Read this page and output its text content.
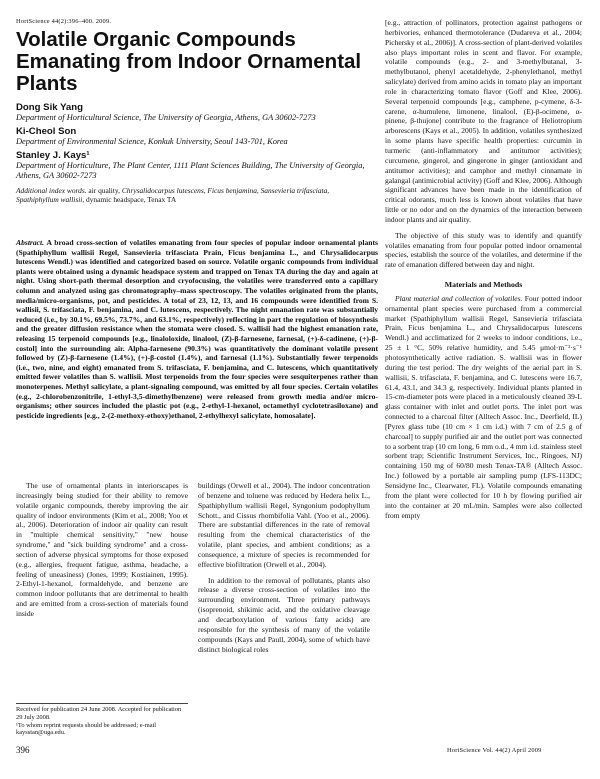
HortScience 44(2):396–400. 2009.
Volatile Organic Compounds Emanating from Indoor Ornamental Plants
Dong Sik Yang
Department of Horticultural Science, The University of Georgia, Athens, GA 30602-7273
Ki-Cheol Son
Department of Environmental Science, Konkuk University, Seoul 143-701, Korea
Stanley J. Kays¹
Department of Horticulture, The Plant Center, 1111 Plant Sciences Building, The University of Georgia, Athens, GA 30602-7273
Additional index words. air quality, Chrysalidocarpus lutescens, Ficus benjamina, Sansevieria trifasciata, Spathiphyllum wallisii, dynamic headspace, Tenax TA
Abstract. A broad cross-section of volatiles emanating from four species of popular indoor ornamental plants (Spathiphyllum wallisii Regel, Sansevieria trifasciata Prain, Ficus benjamina L., and Chrysalidocarpus lutescens Wendl.) was identified and categorized based on source. Volatile organic compounds from individual plants were obtained using a dynamic headspace system and trapped on Tenax TA during the day and again at night. Using short-path thermal desorption and cryofocusing, the volatiles were transferred onto a capillary column and analyzed using gas chromatography–mass spectroscopy. The volatiles originated from the plants, media/micro-organisms, pot, and pesticides. A total of 23, 12, 13, and 16 compounds were identified from S. wallisii, S. trifasciata, F. benjamina, and C. lutescens, respectively. The night emanation rate was substantially reduced (i.e., by 30.1%, 69.5%, 73.7%, and 63.1%, respectively) reflecting in part the regulation of biosynthesis and the greater diffusion resistance when the stomata were closed. S. wallisii had the highest emanation rate, releasing 15 terpenoid compounds [e.g., linaloloxide, linalool, (Z)-β-farnesene, farnesal, (+)-δ-cadinene, (+)-β-costol] into the surrounding air. Alpha-farnesene (90.3%) was quantitatively the dominant volatile present followed by (Z)-β-farnesene (1.4%), (+)-β-costol (1.4%), and farnesal (1.1%). Substantially fewer terpenoids (i.e., two, nine, and eight) emanated from S. trifasciata, F. benjamina, and C. lutescens, which quantitatively emitted fewer volatiles than S. wallisii. Most terpenoids from the four species were sesquiterpenes rather than monoterpenes. Methyl salicylate, a plant-signaling compound, was emitted by all four species. Certain volatiles (e.g., 2-chlorobenzonitrile, 1-ethyl-3,5-dimethylbenzene) were released from growth media and/or micro-organisms; other sources included the plastic pot (e.g., 2-ethyl-1-hexanol, octamethyl cyclotetrasiloxane) and pesticide ingredients [e.g., 2-(2-methoxy-ethoxy)ethanol, 2-ethylhexyl salicylate, homosalate].

The use of ornamental plants in interiorscapes is increasingly being studied for their ability to remove volatile organic compounds, thereby improving the air quality of indoor environments (Kim et al., 2008; Yoo et al., 2006). Deterioration of indoor air quality can result in "multiple chemical sensitivity," "new house syndrome," and "sick building syndrome" and a cross-section of adverse physical symptoms for those exposed (e.g., allergies, frequent fatigue, asthma, headache, a feeling of uneasiness) (Jones, 1999; Kostiainen, 1995). 2-Ethyl-1-hexanol, formaldehyde, and benzene are common indoor pollutants that are detrimental to health and are emitted from a cross-section of materials found inside

Received for publication 24 June 2008. Accepted for publication 29 July 2008.
¹To whom reprint requests should be addressed; e-mail kaysstan@uga.edu.

buildings (Orwell et al., 2004). The indoor concentration of benzene and toluene was reduced by Hedera helix L., Spathiphyllum wallisii Regel, Syngonium podophyllum Schott., and Cissus rhombifolia Vahl. (Yoo et al., 2006). There are substantial differences in the rate of removal resulting from the chemical characteristics of the volatile, plant species, and ambient conditions; as a consequence, a mixture of species is recommended for effective biofiltration (Orwell et al., 2004).

In addition to the removal of pollutants, plants also release a diverse cross-section of volatiles into the surrounding environment. Three primary pathways (isoprenoid, shikimic acid, and the oxidative cleavage and decarboxylation of various fatty acids) are responsible for the synthesis of many of the volatile compounds (Kays and Paull, 2004), some of which have distinct biological roles

[e.g., attraction of pollinators, protection against pathogens or herbivories, enhanced thermotolerance (Dudareva et al., 2004; Pichersky et al., 2006)]. A cross-section of plant-derived volatiles also plays important roles in scent and flavor. For example, volatile compounds (e.g., 2- and 3-methylbutanal, 3-methylbutanol, phenyl acetaldehyde, 2-phenylethanol, methyl salicylate) derived from amino acids in tomato play an important role in characterizing tomato flavor (Goff and Klee, 2006). Several terpenoid compounds [e.g., camphene, p-cymene, δ-3-carene, α-humulene, limonene, linalool, (E)-β-ocimene, α-pinene, β-thujone] contribute to the fragrance of Heliotropium arborescens (Kays et al., 2005). In addition, volatiles synthesized in some plants have specific health properties: curcumin in turmeric (anti-inflammatory and antitumor activities); curcumene, gingerol, and gingerone in ginger (antioxidant and antitumor activities); and camphor and methyl cinnamate in galangal (antimicrobial activity) (Goff and Klee, 2006). Although significant advances have been made in the identification of critical odorants, much less is known about volatiles that have little or no odor and on the dynamics of the interaction between indoor plants and air quality.

The objective of this study was to identify and quantify volatiles emanating from four popular potted indoor ornamental species, establish the source of the volatiles, and determine if the rate of emanation differed between day and night.

Materials and Methods

Plant material and collection of volatiles. Four potted indoor ornamental plant species were purchased from a commercial market (Spathiphyllum wallisii Regel, Sansevieria trifasciata Prain, Ficus benjamina L., and Chrysalidocarpus lutescens Wendl.) and acclimatized for 2 weeks to indoor conditions, i.e., 25 ± 1 °C, 50% relative humidity, and 5.45 μmol·m⁻²·s⁻¹ photosynthetically active radiation. S. wallisii was in flower during the test period. The dry weights of the aerial part in S. wallisii, S. trifasciata, F. benjamina, and C. lutescens were 16.7, 61.4, 43.1, and 34.3 g, respectively. Individual plants planted in 15-cm-diameter pots were placed in a meticulously cleaned 39-L glass container with inlet and outlet ports. The inlet port was connected to a charcoal filter (Alltech Assoc. Inc., Deerfield, IL) [Pyrex glass tube (10 cm × 1 cm i.d.) with 7 cm of 2.5 g of charcoal] to supply purified air and the outlet port was connected to a sorbent trap (10 cm long, 6 mm o.d., 4 mm i.d. stainless steel sorbent trap; Scientific Instrument Services, Inc., Ringoes, NJ) containing 150 mg of 60/80 mesh Tenax-TA® (Alltech Assoc. Inc.) followed by a portable air sampling pump (LFS-113DC; Sensidyne Inc., Clearwater, FL). Volatile compounds emanating from the plant were collected for 10 h by flowing purified air into the container at 20 mL/min. Samples were also collected from empty

396	HortScience Vol. 44(2) April 2009
